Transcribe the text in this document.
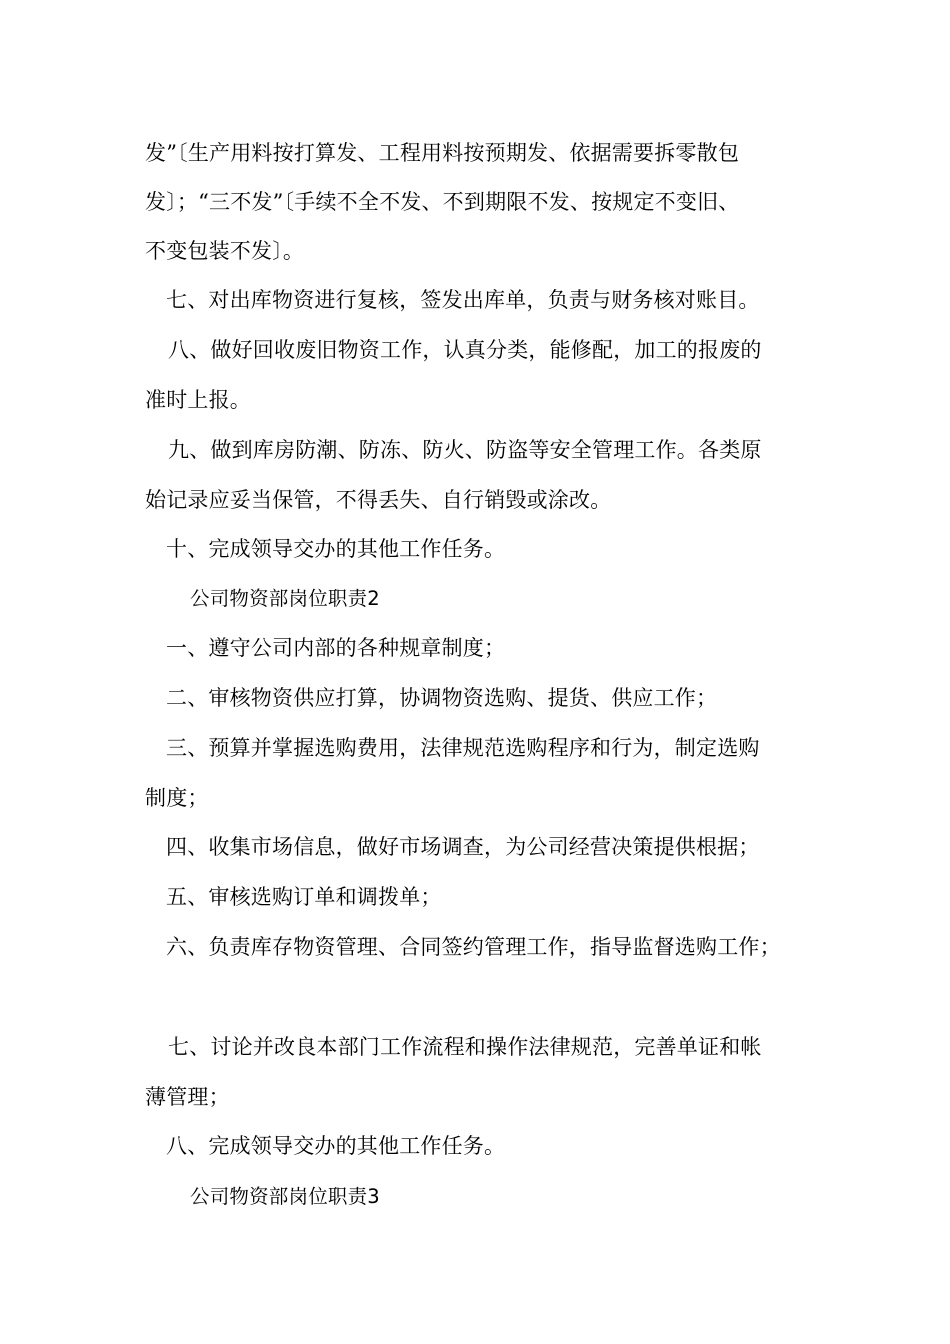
发”〔生产用料按打算发、工程用料按预期发、依据需要拆零散包
发〕；“三不发”〔手续不全不发、不到期限不发、按规定不变旧、
不变包装不发〕。
七、对出库物资进行复核，签发出库单，负责与财务核对账目。
八、做好回收废旧物资工作，认真分类，能修配，加工的报废的
准时上报。
九、做到库房防潮、防冻、防火、防盗等安全管理工作。各类原
始记录应妥当保管，不得丢失、自行销毁或涂改。
十、完成领导交办的其他工作任务。
公司物资部岗位职责2
一、遵守公司内部的各种规章制度；
二、审核物资供应打算，协调物资选购、提货、供应工作；
三、预算并掌握选购费用，法律规范选购程序和行为，制定选购
制度；
四、收集市场信息，做好市场调查，为公司经营决策提供根据；
五、审核选购订单和调拨单；
六、负责库存物资管理、合同签约管理工作，指导监督选购工作；
七、讨论并改良本部门工作流程和操作法律规范，完善单证和帐
薄管理；
八、完成领导交办的其他工作任务。
公司物资部岗位职责3
